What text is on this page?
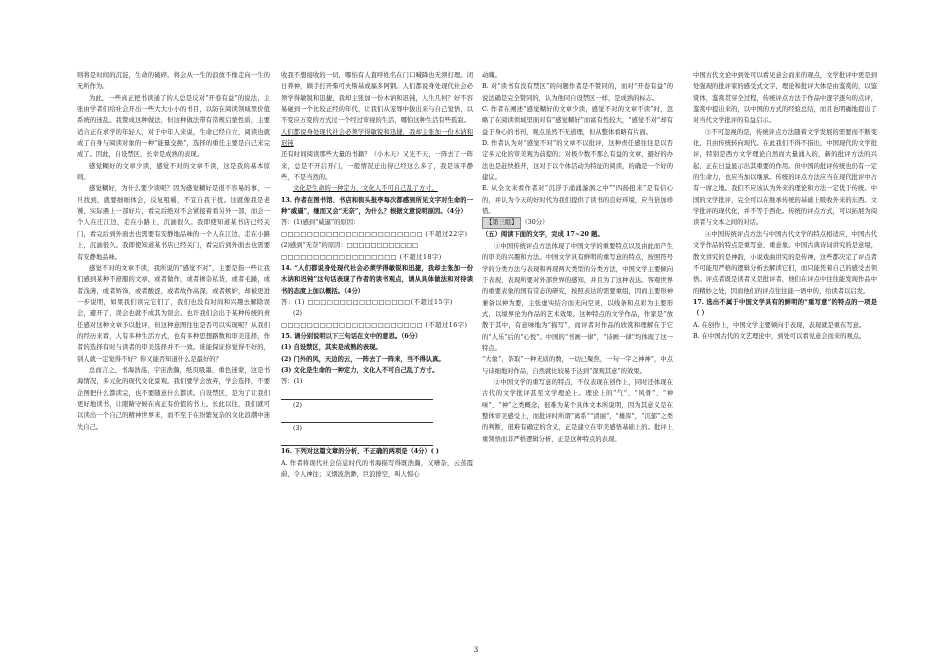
则将是时间的沉淀，生命的破碎。将会从一生的浪放不像走向一生的无所作为。

为此，一些真正把书读通了的人总是反对“开卷有益”的说法，主张由学者们给社会开出一些大大小小的书目，以防在阅读领域里价值系统的迷乱。我赞成这种做法，但这种做法带有常规启蒙性质，主要适合正在求学的年轻人，对于中年人来说，生命已经自立，阅读也就成了自身与阅读对象的一种“能量交换”，选择的重任主要是自己来完成了。因此，自设禁区，长幸是成熟的表现。

感觉糊好的文章少读，感觉不对的文章不读，这是我的基本原则。

感觉糊好，为什么要少读呢？因为感觉糊好是很不容易的事，一旦找到，就要细细体会，反复咀嚼，不宜自我干扰。这就像我是老饕，实际遇上一部好片，看完后绝对不会紧接着看另外一部，而会一个人在庄江边，走在小路上，沉湎很久。我即使知道某书店已经关门，看完后到外面去也需要有安静地品味的一个人在江边，走在小路上，沉湎很久。我即使知道某书店已经关门，看完后到外面去也需要有安静地品味。

感觉不对的文章不读，我所说的“感觉不对”，主要是指一些让我们感到某种不舒服的文章，或者做作，或者掺杂私货，或者毛躁，或者浅薄，或者矫饰，或者酸涩，或者故作高深，或者嫉妒，却被更进一步说明，如果我们读完它们了，我们也没有时间和兴趣去解除误会，避开了，误会也就不成其为误会。也许我们会出于某种传统的责任感对这种文章予以批评，但这种意图往往是否可以实现呢？从我们的经历来看，人有多种生活方式，也有多种思想路数和审美选择，作者的选择有时与读者的审美选择并不一致。谁能保证你觉得不好的，别人就一定觉得不好？你又能否知道什么是最好的？

总而言之，书海浩荡，宇宙浩瀚，纸页吸墨，重色迷蒙，这是书海情况，多元化的现代文化景观。我们要学会放弃，学会选择，不要企图把什么都读完，也不要随意什么都读。自设禁区，是为了让我们更好地读书，让眼睛守候在真正有价值的书上。长此以往，我们就可以读出一个自己的精神世界来，而不至于在纷繁复杂的文化浪潮中迷失自己。

收我不想接收的一切，哪怕有人直呼姓名在门口喊降也无须打理。闭日养神，顾手打开柴可夫斯基或福多阿钢。人们都说身处现代社会必须学得敏锐和迅捷，我却主张加一份木讷和迟钝，人生几何？好不容易碰到一个比较正经的年代，让我们从宠辱中拔出来与自己觉悟，以不变应万变的方式过一个经过审视的生活，哪怕这种生活有些孤寂。

人们都说身处现代社会必须学得敏锐和迅捷，我却主张加一份木讷和迟钝

还有时间阅读那些大量的书籍？（小木天）又光不天，一阵去了一阵来，总是不开启开门，一般情况迁出得已经这么多了，我是该平静些，不是当然的。

文化是生命的一种定力，文化人不可自己乱了方寸。

13. 作者在图书馆、书店和街头报亭每次都感到所见文字对生命的一种“威逼”，继而又会“无奈”，为什么？根据文意说明原因。（4分）

答：(1)感到“威逼”的原因：

□□□□□□□□□□□□□□□□□□□□□□ (不超过22字)

(2)感到“无奈”的原因：□□□□□□□□□□□□

□□□□□□□□□□□□□□□□□□ (不超过18字)

14. “人们都说身处现代社会必须学得敏锐和迅捷，我却主张加一份木讷和迟钝”这句话表现了作者的读书观点，请从具体做法和对待读书的态度上加以概括。（4分）

答：(1) □□□□□□□□□□□□□□□□(不超过15字)

(2)

□□□□□□□□□□□□□□□□□□□□□□ (不超过16字)

15. 请分别说明以下三句话在文中的意思。（6分）

(1) 自设禁区，其实是成熟的表现。

(2) 门外的风，天边的云，一阵去了一阵来，当不得认真。

(3) 文化是生命的一种定力，文化人不可自己乱了方寸。

答：(1)

(2)

(3)

16. 下列对这篇文章的分析，不正确的两项是（4分）( )

A. 作者将现代社会信息时代的书海描写得既浩瀚，又嘈杂，云蒸霞蔚，令人神往；又烟波浩渺，巨浪排空，叫人惊心

动魄。

B. 对“读书有没有禁区”的问题作者是不赞同的，而对“开卷有益”的说法确是完全赞同的，认为他同自设禁区一样，是成熟的标志。

C. 作者在阐述“感觉糊好的文章少读，感觉不对的文章不读”时，忽略了在阅读领域里面对有“感觉糊好”而富有性较大，“感觉不对”却有益于身心的书刊，观点虽然不无道理，但从整体看略有片面。

D. 作者认为对“感觉不对”的文章不以批评，这种责任感往往是以否定多元化的审美观为前提的；对极少数不那么有益的文章，避好的办法也是赶快推开，这对于以个体活动为特征的阅读，的确是一个好的建议。

E. 从全文来看作者对“沉浮于涌涌漩涡之中”“四扬扭来”是有信心的，并认为今天的好时代为我们提供了读书的良好环境，应当倍加珍惜。

【第三组】 （30分）

（五）阅读下面的文字，完成 17~20 题。

①中国传统评点方法体现了中国文学的重要特点以及由此而产生的审美的兴趣和方法。中国文学具有鲜明的重写意的特点，按照符号学的分类方法与表现和再现两大类型的分类方法，中国文学主要倾向于表现，表现所要对外部世界的感知，并且为了这种表达。客观世界的重要表象的国有常态的研究，按照表达的需要重组，因而主要形神兼备以神为要，主张虚实结合而无向空灵，以线条和点彩为主要形式，以境界论为作品的艺术效果。这种特点的文学作品，作家是“放散于其中，有意味地为“描写”，而评者对作品的欣赏和理解在于它的“人乐”后的“心悦”。中国的“书画一律”，“诗画一律”均体现了这一特点。

“大象”，茶取“一种无质的数，一切已聚焦，一句一字之神神”，中点与诗细地对作品，自然就比较易于达到“深观其意”的效果。

②中国文学的重写意的特点，不仅表现在创作上，同时还体现在古代的文学批评甚至文学理论上。理论上的“气”、“风骨”、“神味”、“神”之类概念，很难为某个具体文本所说明，因为其意义是在整体审美感受上，而批评时所谓“离系”“清丽”，“雄浑”，“沉郁”之类的判断，很难有确定的含义，正是建立在审美感悟基础上的。批评上重领悟而非严格逻辑分析，正是这种特点的表现。

中国古代文论中到处可以看见意会而来的观点，文学批评中更是到处强现的批评家的感受式文字，理论和批评大体是由鉴赏的，以鉴赏体，鉴赏贯穿全过程，传统评点方法于作品中逐字逐句的点评，鉴赏中提出来的，以中国的方式的经验总结，而且也明确地提出了对当代文学批评的有益启示。

③不可忽视的是，传统评点方法随着文学发展的需要而不断变化，且由传统转向现代。在此我们不得不指出，中国现代的文学批评，特别是西方文学理论自然而大量涌入的，新的批评方法的兴起，正在日益显示出其重要的作用。但中国的批评传统也仍有一定的生命力，也应当加以继承。传统的评点方法应当在现代批评中占有一席之地。我们不应该认为外来的理论和方法一定优于传统。中国的文学批评，完全可以在继承传统的基础上吸收外来的东西。文学批评的现代化，并不等于西化。传统的评点方式，可以拓展为阅读者与文本之间的对话。

④中国传统评点方法与中国古代文学的特点相适应，中国古代文学作品的特点是重写意、重意象。中国古典诗词讲究的是意境，散文讲究的是神韵，小说戏曲讲究的是传神，这些都决定了评点者不可能用严格的逻辑分析去解读它们，而只能凭着自己的感受去领悟。评点者既是读者又是批评者，他们在评点中往往能发现作品中的精妙之处，因而他们的评点往往能一语中的，给读者以启发。

17. 选出不属于中国文学具有的鲜明的“重写意”的特点的一项是（ ）

A. 在创作上，中国文学主要倾向于表现，表现就是重在写意。

B. 在中国古代的文艺理论中，到处可以看见意会而来的观点。

3
